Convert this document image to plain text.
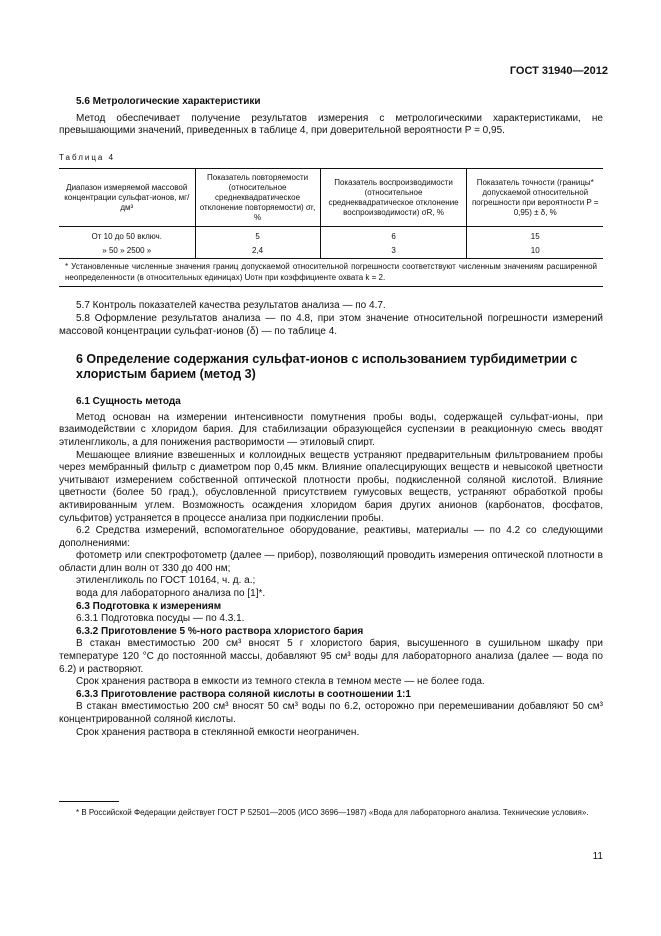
ГОСТ 31940—2012

5.6 Метрологические характеристики

Метод обеспечивает получение результатов измерения с метрологическими характеристиками, не превышающими значений, приведенных в таблице 4, при доверительной вероятности P = 0,95.

Таблица 4
Диапазон измеряемой массовой концентрации сульфат-ионов, мг/дм³	Показатель повторяемости (относительное среднеквадратическое отклонение повторяемости) σr, %	Показатель воспроизводимости (относительное среднеквадратическое отклонение воспроизводимости) σR, %	Показатель точности (границы* допускаемой относительной погрешности при вероятности P = 0,95) ± δ, %
От 10 до 50 включ.	5	6	15
» 50 » 2500 »	2,4	3	10
* Установленные численные значения границ допускаемой относительной погрешности соответствуют численным значениям расширенной неопределенности (в относительных единицах) Uотн при коэффициенте охвата k = 2.			

5.7 Контроль показателей качества результатов анализа — по 4.7.

5.8 Оформление результатов анализа — по 4.8, при этом значение относительной погрешности измерений массовой концентрации сульфат-ионов (δ) — по таблице 4.

6 Определение содержания сульфат-ионов с использованием турбидиметрии с хлористым барием (метод 3)

6.1 Сущность метода

Метод основан на измерении интенсивности помутнения пробы воды, содержащей сульфат-ионы, при взаимодействии с хлоридом бария. Для стабилизации образующейся суспензии в реакционную смесь вводят этиленгликоль, а для понижения растворимости — этиловый спирт.

Мешающее влияние взвешенных и коллоидных веществ устраняют предварительным фильтрованием пробы через мембранный фильтр с диаметром пор 0,45 мкм. Влияние опалесцирующих веществ и невысокой цветности учитывают измерением собственной оптической плотности пробы, подкисленной соляной кислотой. Влияние цветности (более 50 град.), обусловленной присутствием гумусовых веществ, устраняют обработкой пробы активированным углем. Возможность осаждения хлоридом бария других анионов (карбонатов, фосфатов, сульфитов) устраняется в процессе анализа при подкислении пробы.

6.2 Средства измерений, вспомогательное оборудование, реактивы, материалы — по 4.2 со следующими дополнениями:

фотометр или спектрофотометр (далее — прибор), позволяющий проводить измерения оптической плотности в области длин волн от 330 до 400 нм;

этиленгликоль по ГОСТ 10164, ч. д. а.;

вода для лабораторного анализа по [1]*.

6.3 Подготовка к измерениям

6.3.1 Подготовка посуды — по 4.3.1.

6.3.2 Приготовление 5 %-ного раствора хлористого бария

В стакан вместимостью 200 см³ вносят 5 г хлористого бария, высушенного в сушильном шкафу при температуре 120 °С до постоянной массы, добавляют 95 см³ воды для лабораторного анализа (далее — вода по 6.2) и растворяют.

Срок хранения раствора в емкости из темного стекла в темном месте — не более года.

6.3.3 Приготовление раствора соляной кислоты в соотношении 1:1

В стакан вместимостью 200 см³ вносят 50 см³ воды по 6.2, осторожно при перемешивании добавляют 50 см³ концентрированной соляной кислоты.

Срок хранения раствора в стеклянной емкости неограничен.

* В Российской Федерации действует ГОСТ Р 52501—2005 (ИСО 3696—1987) «Вода для лабораторного анализа. Технические условия».
11
